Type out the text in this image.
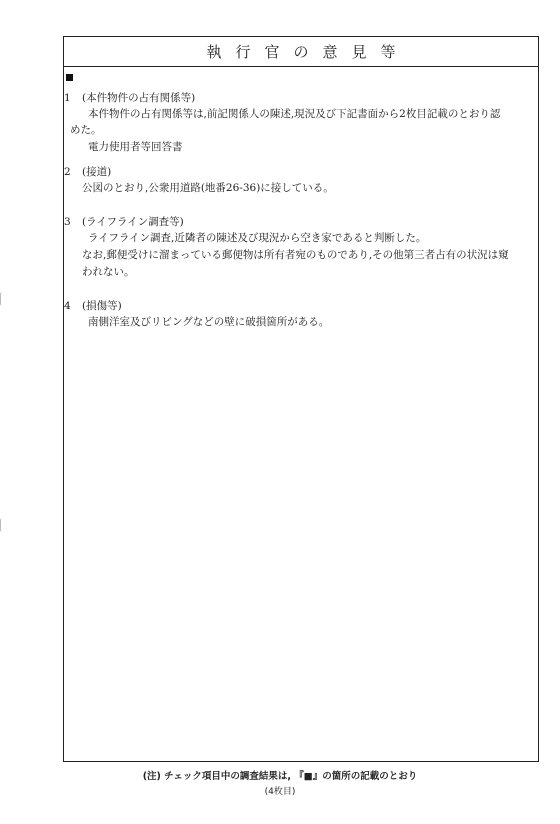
執行官の意見等
1 (本件物件の占有関係等)
本件物件の占有関係等は,前記関係人の陳述,現況及び下記書面から2枚目記載のとおり認
めた。
電力使用者等回答書
2 (接道)
公図のとおり,公衆用道路(地番26-36)に接している。
3 (ライフライン調査等)
ライフライン調査,近隣者の陳述及び現況から空き家であると判断した。
なお,郵便受けに溜まっている郵便物は所有者宛のものであり,その他第三者占有の状況は窺
われない。
4 (損傷等)
南側洋室及びリビングなどの壁に破損箇所がある。
(注) チェック項目中の調査結果は, 『■』の箇所の記載のとおり
(4枚目)
